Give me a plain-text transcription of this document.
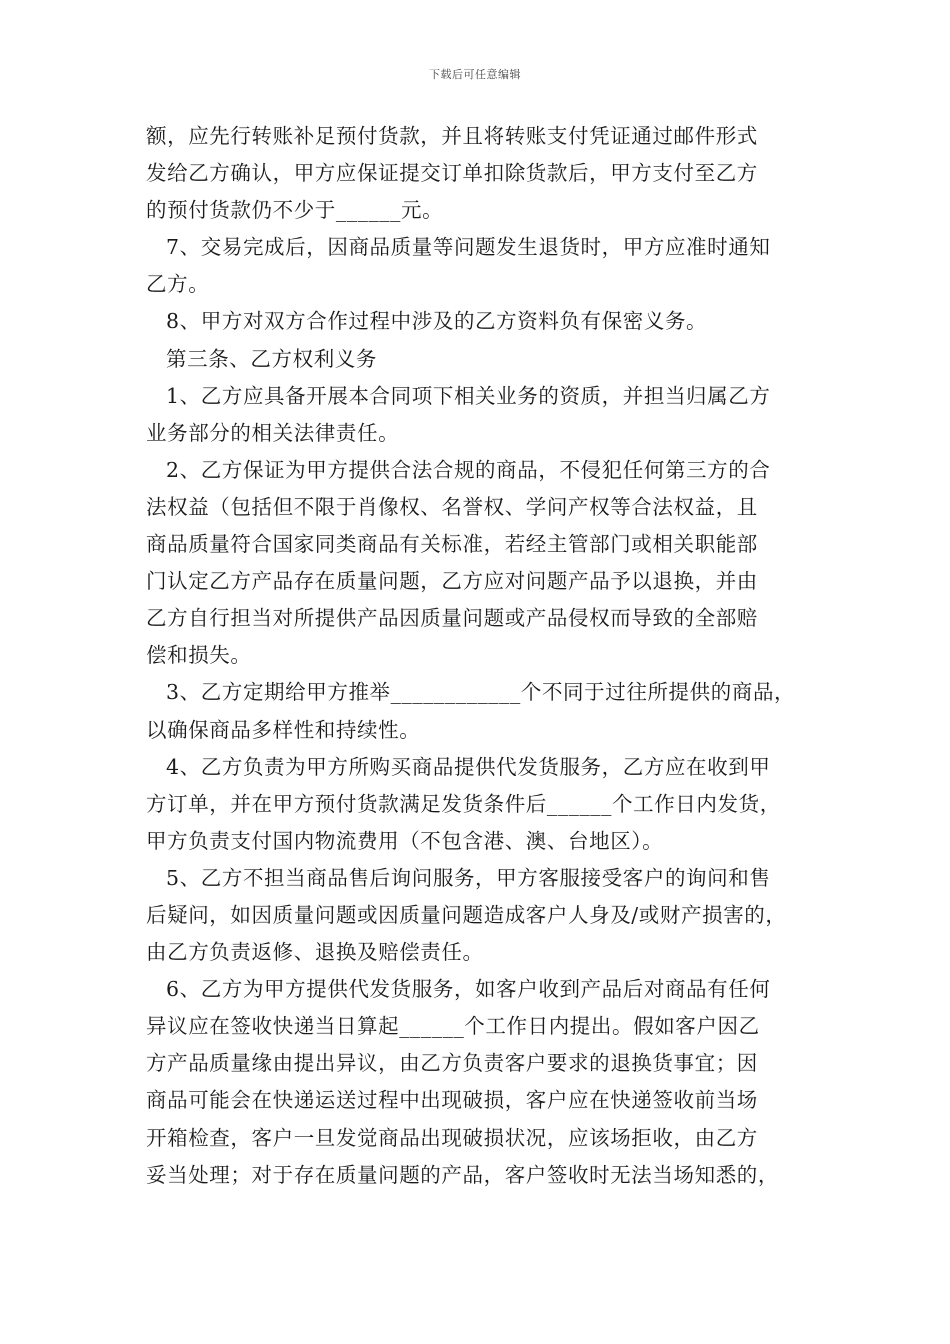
下载后可任意编辑
额，应先行转账补足预付货款，并且将转账支付凭证通过邮件形式
发给乙方确认，甲方应保证提交订单扣除货款后，甲方支付至乙方
的预付货款仍不少于______元。
7、交易完成后，因商品质量等问题发生退货时，甲方应准时通知
乙方。
8、甲方对双方合作过程中涉及的乙方资料负有保密义务。
第三条、乙方权利义务
1、乙方应具备开展本合同项下相关业务的资质，并担当归属乙方
业务部分的相关法律责任。
2、乙方保证为甲方提供合法合规的商品，不侵犯任何第三方的合
法权益（包括但不限于肖像权、名誉权、学问产权等合法权益，且
商品质量符合国家同类商品有关标准，若经主管部门或相关职能部
门认定乙方产品存在质量问题，乙方应对问题产品予以退换，并由
乙方自行担当对所提供产品因质量问题或产品侵权而导致的全部赔
偿和损失。
3、乙方定期给甲方推举____________个不同于过往所提供的商品，
以确保商品多样性和持续性。
4、乙方负责为甲方所购买商品提供代发货服务，乙方应在收到甲
方订单，并在甲方预付货款满足发货条件后______个工作日内发货，
甲方负责支付国内物流费用（不包含港、澳、台地区）。
5、乙方不担当商品售后询问服务，甲方客服接受客户的询问和售
后疑问，如因质量问题或因质量问题造成客户人身及/或财产损害的，
由乙方负责返修、退换及赔偿责任。
6、乙方为甲方提供代发货服务，如客户收到产品后对商品有任何
异议应在签收快递当日算起______个工作日内提出。假如客户因乙
方产品质量缘由提出异议，由乙方负责客户要求的退换货事宜；因
商品可能会在快递运送过程中出现破损，客户应在快递签收前当场
开箱检查，客户一旦发觉商品出现破损状况，应该场拒收，由乙方
妥当处理；对于存在质量问题的产品，客户签收时无法当场知悉的，
